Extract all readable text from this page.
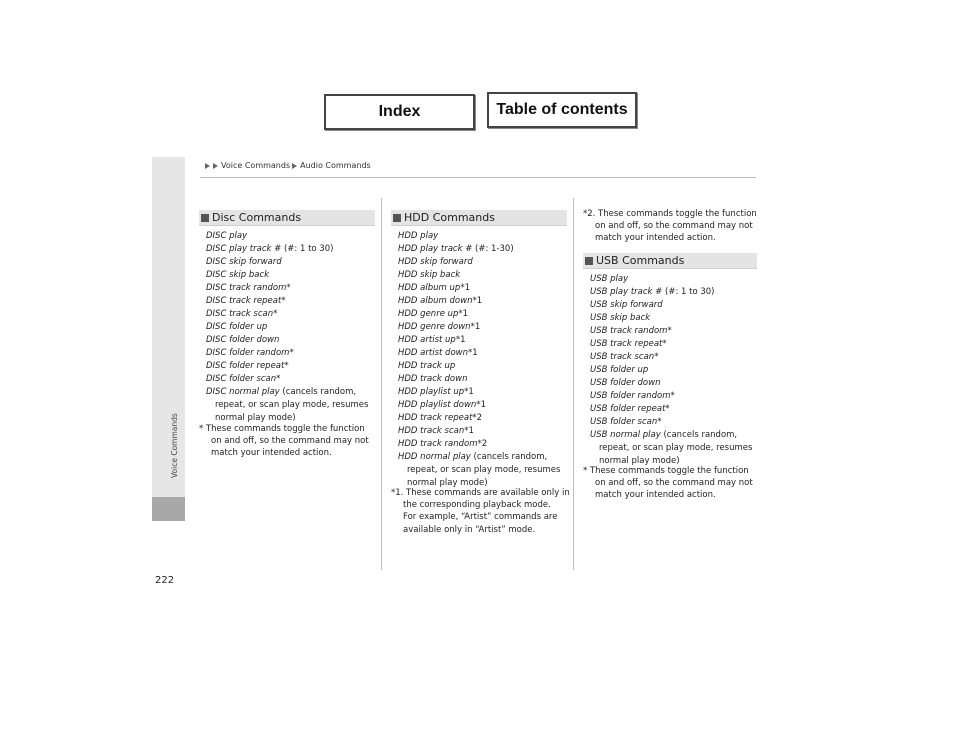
Index	Table of contents
Voice Commands Audio Commands
Voice Commands
222
Disc Commands
DISC play
DISC play track # (#: 1 to 30)
DISC skip forward
DISC skip back
DISC track random*
DISC track repeat*
DISC track scan*
DISC folder up
DISC folder down
DISC folder random*
DISC folder repeat*
DISC folder scan*
DISC normal play (cancels random,
repeat, or scan play mode, resumes
normal play mode)
* These commands toggle the function
on and off, so the command may not
match your intended action.
HDD Commands
HDD play
HDD play track # (#: 1-30)
HDD skip forward
HDD skip back
HDD album up*1
HDD album down*1
HDD genre up*1
HDD genre down*1
HDD artist up*1
HDD artist down*1
HDD track up
HDD track down
HDD playlist up*1
HDD playlist down*1
HDD track repeat*2
HDD track scan*1
HDD track random*2
HDD normal play (cancels random,
repeat, or scan play mode, resumes
normal play mode)
*1. These commands are available only in
the corresponding playback mode.
For example, “Artist” commands are
available only in “Artist” mode.
*2. These commands toggle the function
on and off, so the command may not
match your intended action.
USB Commands
USB play
USB play track # (#: 1 to 30)
USB skip forward
USB skip back
USB track random*
USB track repeat*
USB track scan*
USB folder up
USB folder down
USB folder random*
USB folder repeat*
USB folder scan*
USB normal play (cancels random,
repeat, or scan play mode, resumes
normal play mode)
* These commands toggle the function
on and off, so the command may not
match your intended action.
